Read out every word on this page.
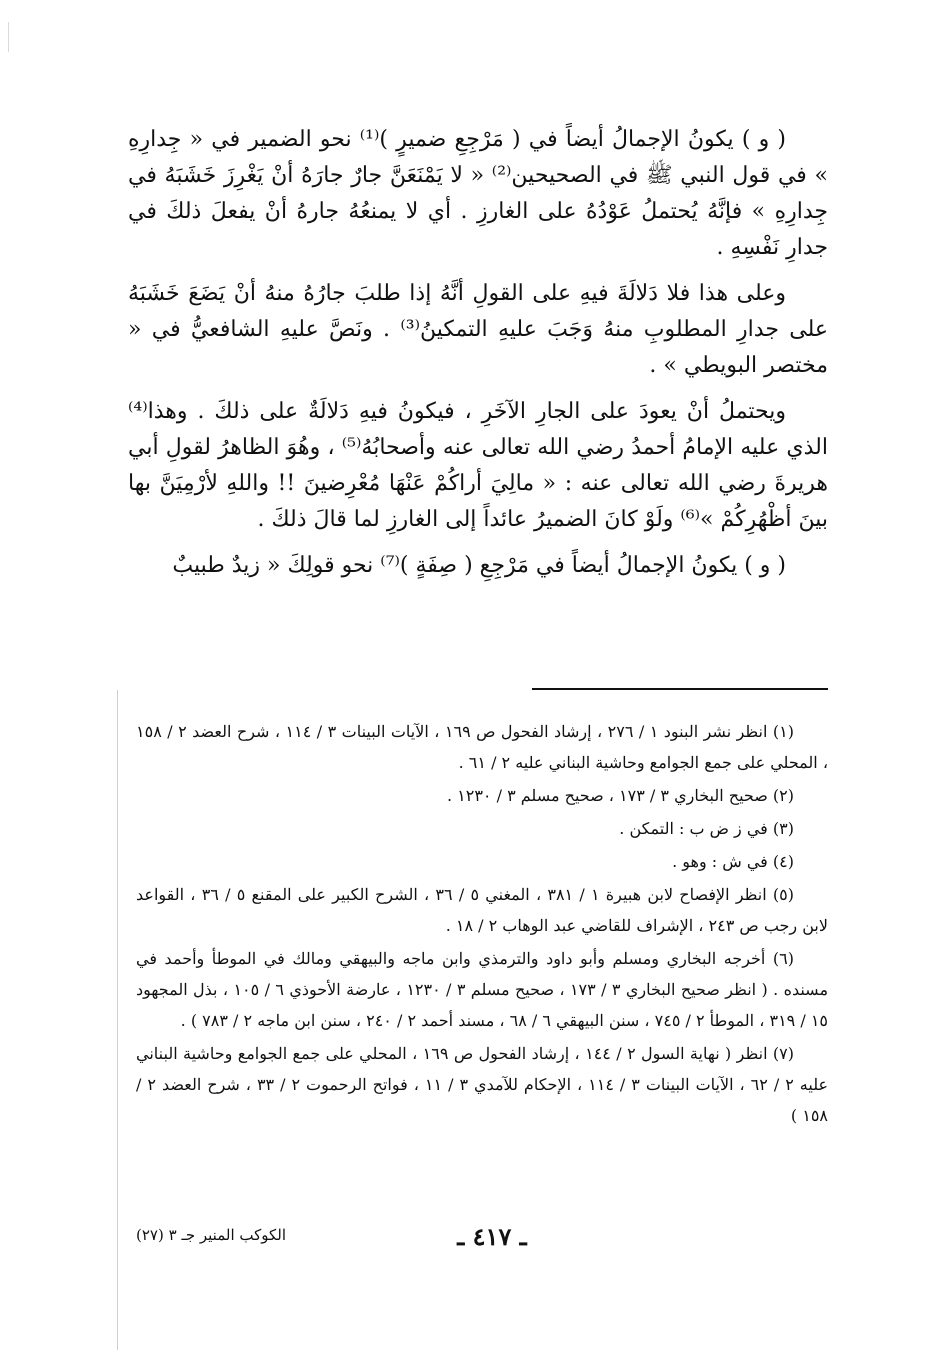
( و ) يكونُ الإجمالُ أيضاً في ( مَرْجِعِ ضميرٍ )⁽¹⁾ نحو الضمير في « جِدارِهِ » في قول النبي ﷺ في الصحيحين⁽²⁾ « لا يَمْنَعَنَّ جارٌ جارَهُ أنْ يَغْرِزَ خَشَبَهُ في جِدارِهِ » فإنَّهُ يُحتملُ عَوْدُهُ على الغارزِ . أي لا يمنعُهُ جارهُ أنْ يفعلَ ذلكَ في جدارِ نَفْسِهِ .

وعلى هذا فلا دَلالَةَ فيهِ على القولِ أنَّهُ إذا طلبَ جارُهُ منهُ أنْ يَضَعَ خَشَبَهُ على جدارِ المطلوبِ منهُ وَجَبَ عليهِ التمكينُ⁽³⁾ . ونَصَّ عليهِ الشافعيُّ في « مختصر البويطي » .

ويحتملُ أنْ يعودَ على الجارِ الآخَرِ ، فيكونُ فيهِ دَلالَةٌ على ذلكَ . وهذا⁽⁴⁾ الذي عليه الإمامُ أحمدُ رضي الله تعالى عنه وأصحابُهُ⁽⁵⁾ ، وهُوَ الظاهرُ لقولِ أبي هريرةَ رضي الله تعالى عنه : « مالِيَ أراكُمْ عَنْهَا مُعْرِضينَ !! واللهِ لأرْمِيَنَّ بها بينَ أظْهُرِكُمْ »⁽⁶⁾ ولَوْ كانَ الضميرُ عائداً إلى الغارزِ لما قالَ ذلكَ .

( و ) يكونُ الإجمالُ أيضاً في مَرْجِعِ ( صِفَةٍ )⁽⁷⁾ نحو قولِكَ « زيدٌ طبيبٌ

(١) انظر نشر البنود ١ / ٢٧٦ ، إرشاد الفحول ص ١٦٩ ، الآيات البينات ٣ / ١١٤ ، شرح العضد ٢ / ١٥٨ ، المحلي على جمع الجوامع وحاشية البناني عليه ٢ / ٦١ .

(٢) صحيح البخاري ٣ / ١٧٣ ، صحيح مسلم ٣ / ١٢٣٠ .

(٣) في ز ض ب : التمكن .

(٤) في ش : وهو .

(٥) انظر الإفصاح لابن هبيرة ١ / ٣٨١ ، المغني ٥ / ٣٦ ، الشرح الكبير على المقنع ٥ / ٣٦ ، القواعد لابن رجب ص ٢٤٣ ، الإشراف للقاضي عبد الوهاب ٢ / ١٨ .

(٦) أخرجه البخاري ومسلم وأبو داود والترمذي وابن ماجه والبيهقي ومالك في الموطأ وأحمد في مسنده . ( انظر صحيح البخاري ٣ / ١٧٣ ، صحيح مسلم ٣ / ١٢٣٠ ، عارضة الأحوذي ٦ / ١٠٥ ، بذل المجهود ١٥ / ٣١٩ ، الموطأ ٢ / ٧٤٥ ، سنن البيهقي ٦ / ٦٨ ، مسند أحمد ٢ / ٢٤٠ ، سنن ابن ماجه ٢ / ٧٨٣ ) .

(٧) انظر ( نهاية السول ٢ / ١٤٤ ، إرشاد الفحول ص ١٦٩ ، المحلي على جمع الجوامع وحاشية البناني عليه ٢ / ٦٢ ، الآيات البينات ٣ / ١١٤ ، الإحكام للآمدي ٣ / ١١ ، فواتح الرحموت ٢ / ٣٣ ، شرح العضد ٢ / ١٥٨ )

ـ ٤١٧ ـ
الكوكب المنير جـ ٣ (٢٧)
